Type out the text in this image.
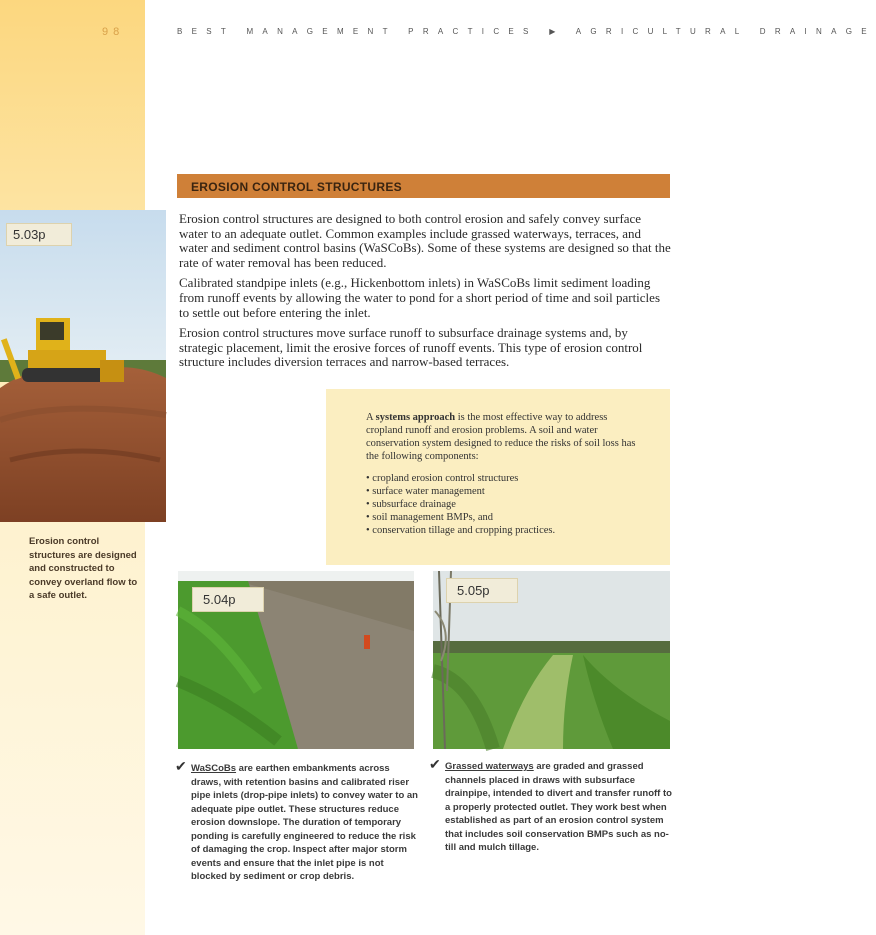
98	BEST MANAGEMENT PRACTICES ▶ AGRICULTURAL DRAINAGE
5.03p
Erosion control structures are designed and constructed to convey overland flow to a safe outlet.
EROSION CONTROL STRUCTURES

Erosion control structures are designed to both control erosion and safely convey surface water to an adequate outlet. Common examples include grassed waterways, terraces, and water and sediment control basins (WaSCoBs). Some of these systems are designed so that the rate of water removal has been reduced.

Calibrated standpipe inlets (e.g., Hickenbottom inlets) in WaSCoBs limit sediment loading from runoff events by allowing the water to pond for a short period of time and soil particles to settle out before entering the inlet.

Erosion control structures move surface runoff to subsurface drainage systems and, by strategic placement, limit the erosive forces of runoff events. This type of erosion control structure includes diversion terraces and narrow-based terraces.

A systems approach is the most effective way to address cropland runoff and erosion problems. A soil and water conservation system designed to reduce the risks of soil loss has the following components:

• cropland erosion control structures
• surface water management
• subsurface drainage
• soil management BMPs, and
• conservation tillage and cropping practices.
5.04p
5.05p
✔ WaSCoBs are earthen embankments across draws, with retention basins and calibrated riser pipe inlets (drop-pipe inlets) to convey water to an adequate pipe outlet. These structures reduce erosion downslope. The duration of temporary ponding is carefully engineered to reduce the risk of damaging the crop. Inspect after major storm events and ensure that the inlet pipe is not blocked by sediment or crop debris.
✔ Grassed waterways are graded and grassed channels placed in draws with subsurface drainpipe, intended to divert and transfer runoff to a properly protected outlet. They work best when established as part of an erosion control system that includes soil conservation BMPs such as no-till and mulch tillage.
